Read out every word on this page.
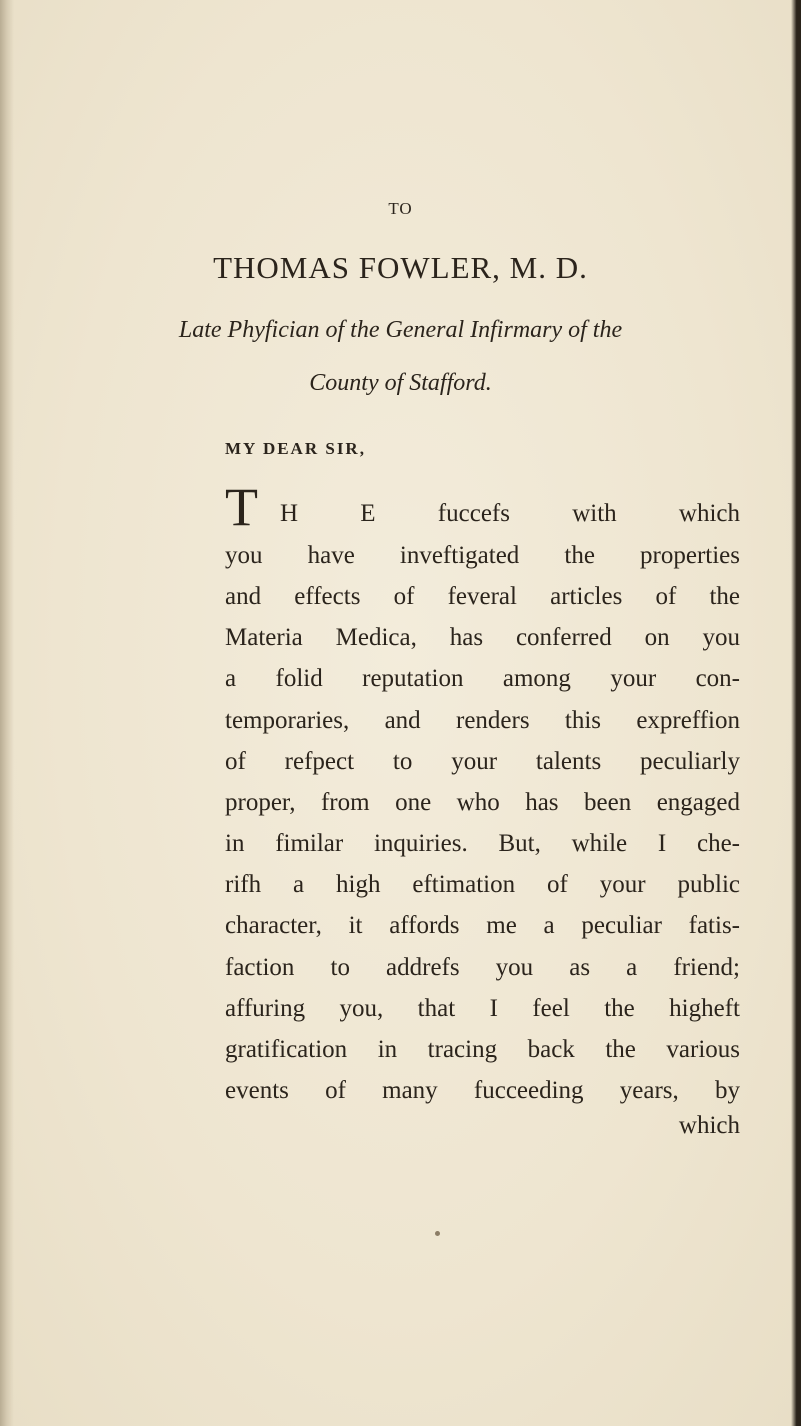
TO
THOMAS FOWLER, M. D.
Late Phyfician of the General Infirmary of the
County of Stafford.
MY DEAR SIR,
T H E fuccefs with which
you have inveftigated the properties
and effects of feveral articles of the
Materia Medica, has conferred on you
a folid reputation among your con-
temporaries, and renders this expreffion
of refpect to your talents peculiarly
proper, from one who has been engaged
in fimilar inquiries. But, while I che-
rifh a high eftimation of your public
character, it affords me a peculiar fatis-
faction to addrefs you as a friend;
affuring you, that I feel the higheft
gratification in tracing back the various
events of many fucceeding years, by
which
